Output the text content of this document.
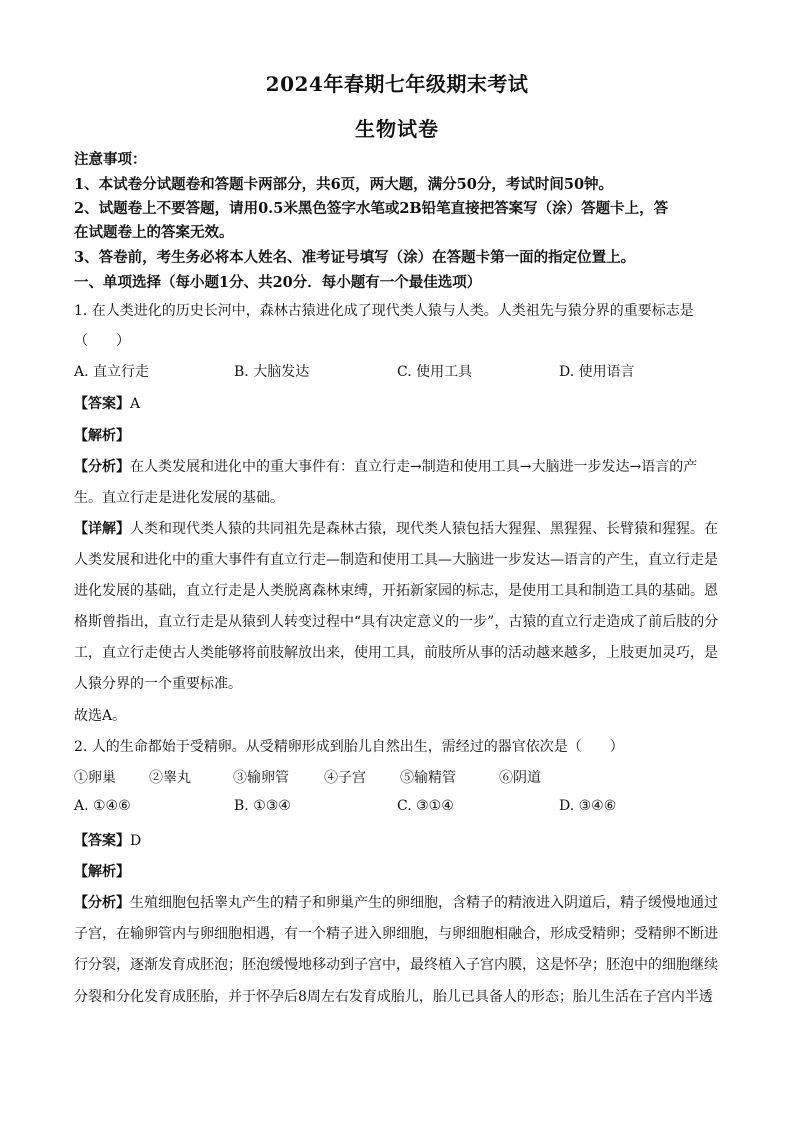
2024年春期七年级期末考试
生物试卷
注意事项：
1、本试卷分试题卷和答题卡两部分，共6页，两大题，满分50分，考试时间50钟。
2、试题卷上不要答题，请用0.5米黑色签字水笔或2B铅笔直接把答案写（涂）答题卡上，答
在试题卷上的答案无效。
3、答卷前，考生务必将本人姓名、准考证号填写（涂）在答题卡第一面的指定位置上。
一、单项选择（每小题1分、共20分．每小题有一个最佳选项）
1. 在人类进化的历史长河中，森林古猿进化成了现代类人猿与人类。人类祖先与猿分界的重要标志是
（　　）
A. 直立行走	B. 大脑发达	C. 使用工具	D. 使用语言
【答案】A
【解析】
【分析】在人类发展和进化中的重大事件有：直立行走→制造和使用工具→大脑进一步发达→语言的产
生。直立行走是进化发展的基础。
【详解】人类和现代类人猿的共同祖先是森林古猿，现代类人猿包括大猩猩、黑猩猩、长臂猿和猩猩。在
人类发展和进化中的重大事件有直立行走—制造和使用工具—大脑进一步发达—语言的产生，直立行走是
进化发展的基础，直立行走是人类脱离森林束缚，开拓新家园的标志，是使用工具和制造工具的基础。恩
格斯曾指出，直立行走是从猿到人转变过程中“具有决定意义的一步”，古猿的直立行走造成了前后肢的分
工，直立行走使古人类能够将前肢解放出来，使用工具，前肢所从事的活动越来越多，上肢更加灵巧，是
人猿分界的一个重要标准。
故选A。
2. 人的生命都始于受精卵。从受精卵形成到胎儿自然出生，需经过的器官依次是（　　）
①卵巢 ②睾丸	③输卵管	④子宫 ⑤输精管	⑥阴道
A. ①④⑥	B. ①③④	C. ③①④	D. ③④⑥
【答案】D
【解析】
【分析】生殖细胞包括睾丸产生的精子和卵巢产生的卵细胞，含精子的精液进入阴道后，精子缓慢地通过
子宫，在输卵管内与卵细胞相遇，有一个精子进入卵细胞，与卵细胞相融合，形成受精卵；受精卵不断进
行分裂，逐渐发育成胚泡；胚泡缓慢地移动到子宫中，最终植入子宫内膜，这是怀孕；胚泡中的细胞继续
分裂和分化发育成胚胎，并于怀孕后8周左右发育成胎儿，胎儿已具备人的形态；胎儿生活在子宫内半透
